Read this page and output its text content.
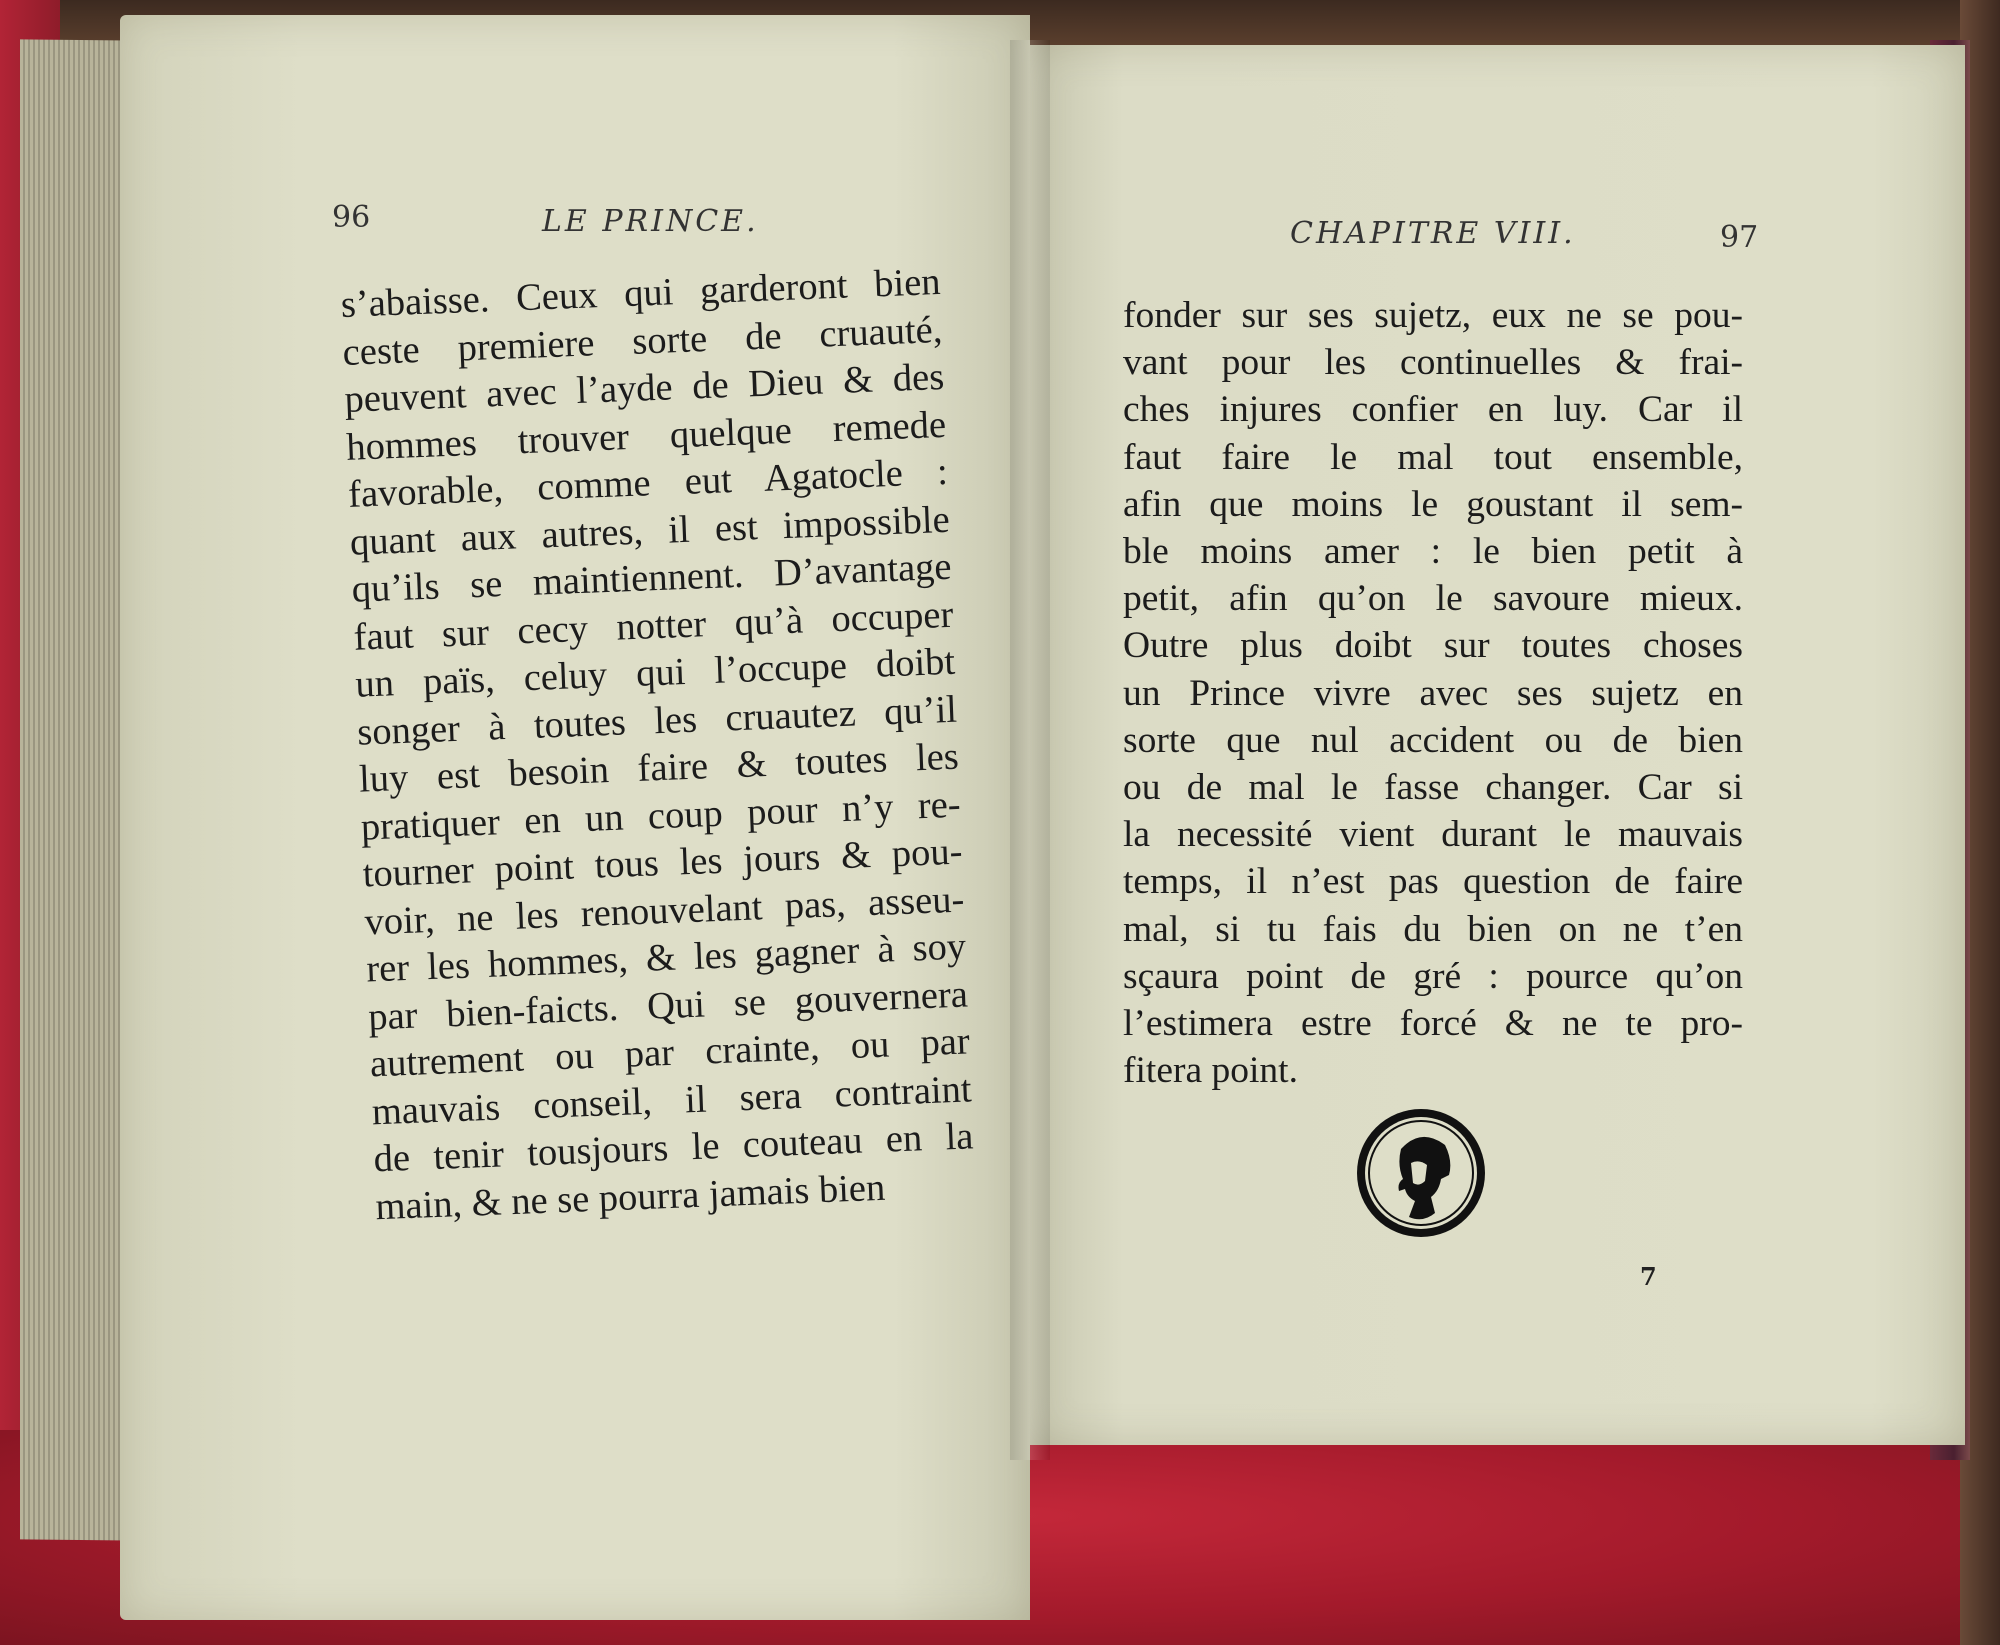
96	LE PRINCE.	CHAPITRE VIII.	97
s’abaisse. Ceux qui garderont bien
ceste premiere sorte de cruauté,
peuvent avec l’ayde de Dieu & des
hommes trouver quelque remede
favorable, comme eut Agatocle :
quant aux autres, il est impossible
qu’ils se maintiennent. D’avantage
faut sur cecy notter qu’à occuper
un païs, celuy qui l’occupe doibt
songer à toutes les cruautez qu’il
luy est besoin faire & toutes les
pratiquer en un coup pour n’y re-
tourner point tous les jours & pou-
voir, ne les renouvelant pas, asseu-
rer les hommes, & les gagner à soy
par bien-faicts. Qui se gouvernera
autrement ou par crainte, ou par
mauvais conseil, il sera contraint
de tenir tousjours le couteau en la
main, & ne se pourra jamais bien
fonder sur ses sujetz, eux ne se pou-
vant pour les continuelles & frai-
ches injures confier en luy. Car il
faut faire le mal tout ensemble,
afin que moins le goustant il sem-
ble moins amer : le bien petit à
petit, afin qu’on le savoure mieux.
Outre plus doibt sur toutes choses
un Prince vivre avec ses sujetz en
sorte que nul accident ou de bien
ou de mal le fasse changer. Car si
la necessité vient durant le mauvais
temps, il n’est pas question de faire
mal, si tu fais du bien on ne t’en
sçaura point de gré : pource qu’on
l’estimera estre forcé & ne te pro-
fitera point.
7
